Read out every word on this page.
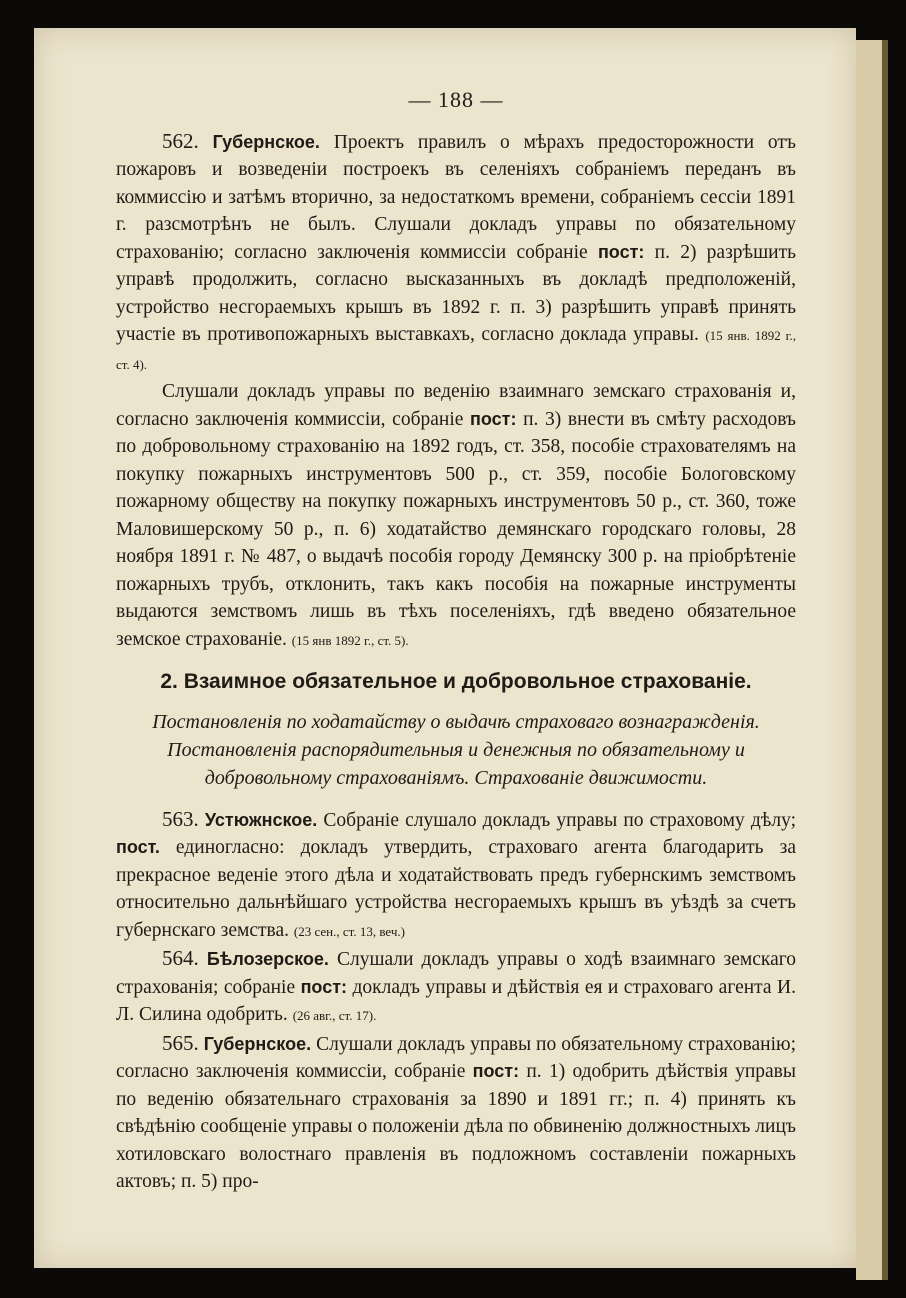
— 188 —

562. Губернское. Проектъ правилъ о мѣрахъ предосторожности отъ пожаровъ и возведенiи построекъ въ селенiяхъ собранiемъ переданъ въ коммиссiю и затѣмъ вторично, за недостаткомъ времени, собранiемъ сессiи 1891 г. разсмотрѣнъ не былъ. Слушали докладъ управы по обязательному страхованiю; согласно заключенiя коммиссiи собранiе пост: п. 2) разрѣшить управѣ продолжить, согласно высказанныхъ въ докладѣ предположенiй, устройство несгораемыхъ крышъ въ 1892 г. п. 3) разрѣшить управѣ принять участiе въ противопожарныхъ выставкахъ, согласно доклада управы. (15 янв. 1892 г., ст. 4).

Слушали докладъ управы по веденiю взаимнаго земскаго страхованiя и, согласно заключенiя коммиссiи, собранiе пост: п. 3) внести въ смѣту расходовъ по добровольному страхованiю на 1892 годъ, ст. 358, пособiе страхователямъ на покупку пожарныхъ инструментовъ 500 р., ст. 359, пособiе Бологовскому пожарному обществу на покупку пожарныхъ инструментовъ 50 р., ст. 360, тоже Маловишерскому 50 р., п. 6) ходатайство демянскаго городскаго головы, 28 ноября 1891 г. № 487, о выдачѣ пособiя городу Демянску 300 р. на прiобрѣтенiе пожарныхъ трубъ, отклонить, такъ какъ пособiя на пожарные инструменты выдаются земствомъ лишь въ тѣхъ поселенiяхъ, гдѣ введено обязательное земское страхованiе. (15 янв 1892 г., ст. 5).

2. Взаимное обязательное и добровольное страхованiе.
Постановленiя по ходатайству о выдачѣ страховаго вознагражденiя. Постановленiя распорядительныя и денежныя по обязательному и добровольному страхованiямъ. Страхованiе движимости.

563. Устюжнское. Собранiе слушало докладъ управы по страховому дѣлу; пост. единогласно: докладъ утвердить, страховаго агента благодарить за прекрасное веденiе этого дѣла и ходатайствовать предъ губернскимъ земствомъ относительно дальнѣйшаго устройства несгораемыхъ крышъ въ уѣздѣ за счетъ губернскаго земства. (23 сен., ст. 13, веч.)

564. Бѣлозерское. Слушали докладъ управы о ходѣ взаимнаго земскаго страхованiя; собранiе пост: докладъ управы и дѣйствiя ея и страховаго агента И. Л. Силина одобрить. (26 авг., ст. 17).

565. Губернское. Слушали докладъ управы по обязательному страхованiю; согласно заключенiя коммиссiи, собранiе пост: п. 1) одобрить дѣйствiя управы по веденiю обязательнаго страхованiя за 1890 и 1891 гг.; п. 4) принять къ свѣдѣнiю сообщенiе управы о положенiи дѣла по обвиненiю должностныхъ лицъ хотиловскаго волостнаго правленiя въ подложномъ составленiи пожарныхъ актовъ; п. 5) про-
